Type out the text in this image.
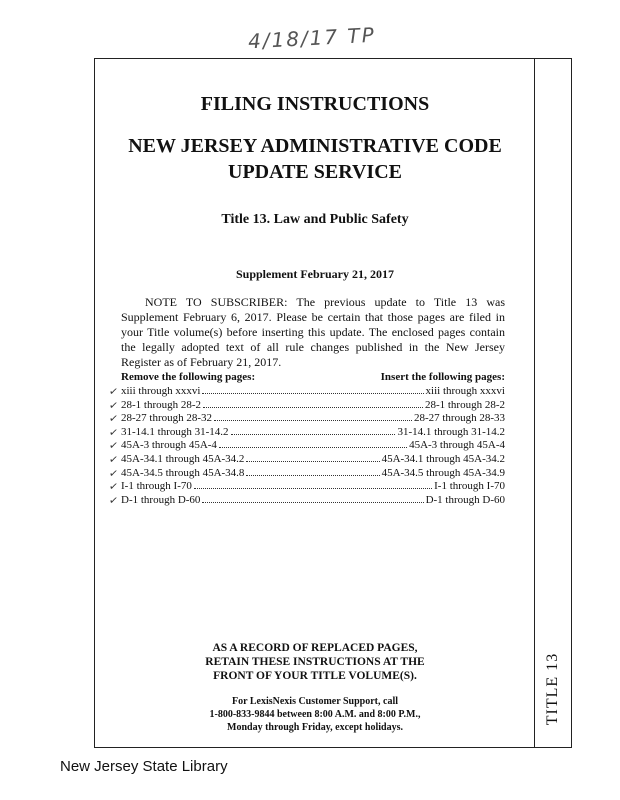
4/18/17 TP
FILING INSTRUCTIONS
NEW JERSEY ADMINISTRATIVE CODE
UPDATE SERVICE
Title 13. Law and Public Safety
Supplement February 21, 2017
NOTE TO SUBSCRIBER: The previous update to Title 13 was Supplement February 6, 2017. Please be certain that those pages are filed in your Title volume(s) before inserting this update. The enclosed pages contain the legally adopted text of all rule changes published in the New Jersey Register as of February 21, 2017.
Remove the following pages:	Insert the following pages:
xiii through xxxvi	xiii through xxxvi
28-1 through 28-2	28-1 through 28-2
28-27 through 28-32	28-27 through 28-33
31-14.1 through 31-14.2	31-14.1 through 31-14.2
45A-3 through 45A-4	45A-3 through 45A-4
45A-34.1 through 45A-34.2	45A-34.1 through 45A-34.2
45A-34.5 through 45A-34.8	45A-34.5 through 45A-34.9
I-1 through I-70	I-1 through I-70
D-1 through D-60	D-1 through D-60
✓
✓
✓
✓
✓
✓
✓
✓
✓
AS A RECORD OF REPLACED PAGES,
RETAIN THESE INSTRUCTIONS AT THE
FRONT OF YOUR TITLE VOLUME(S).
For LexisNexis Customer Support, call
1-800-833-9844 between 8:00 A.M. and 8:00 P.M.,
Monday through Friday, except holidays.
TITLE 13
New Jersey State Library
